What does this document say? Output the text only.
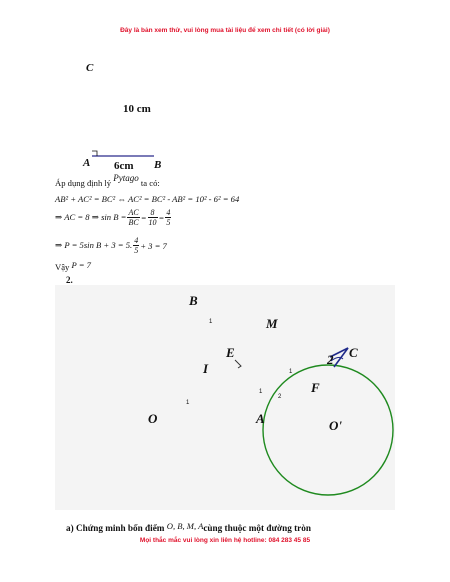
Đây là bản xem thử, vui lòng mua tài liệu để xem chi tiết (có lời giải)
C
10 cm
A 6cm B
Áp dụng định lý Pytago ta có:
AB² + AC² = BC² ⇔ AC² = BC² - AB² = 10² - 6² = 64
⇒ AC = 8 ⇒ $\sin B = \frac{AC}{BC} = \frac{8}{10} = \frac{4}{5}$
⇒ P = 5sin B + 3 = 5. $\frac{4}{5} + 3 = 7$
Vậy P = 7
2.
B
1	M
E	2 C
I	1
F
1
2
1
O	A	O'
a) Chứng minh bốn điểm O, B, M, Acùng thuộc một đường tròn
Mọi thắc mắc vui lòng xin liên hệ hotline: 084 283 45 85
